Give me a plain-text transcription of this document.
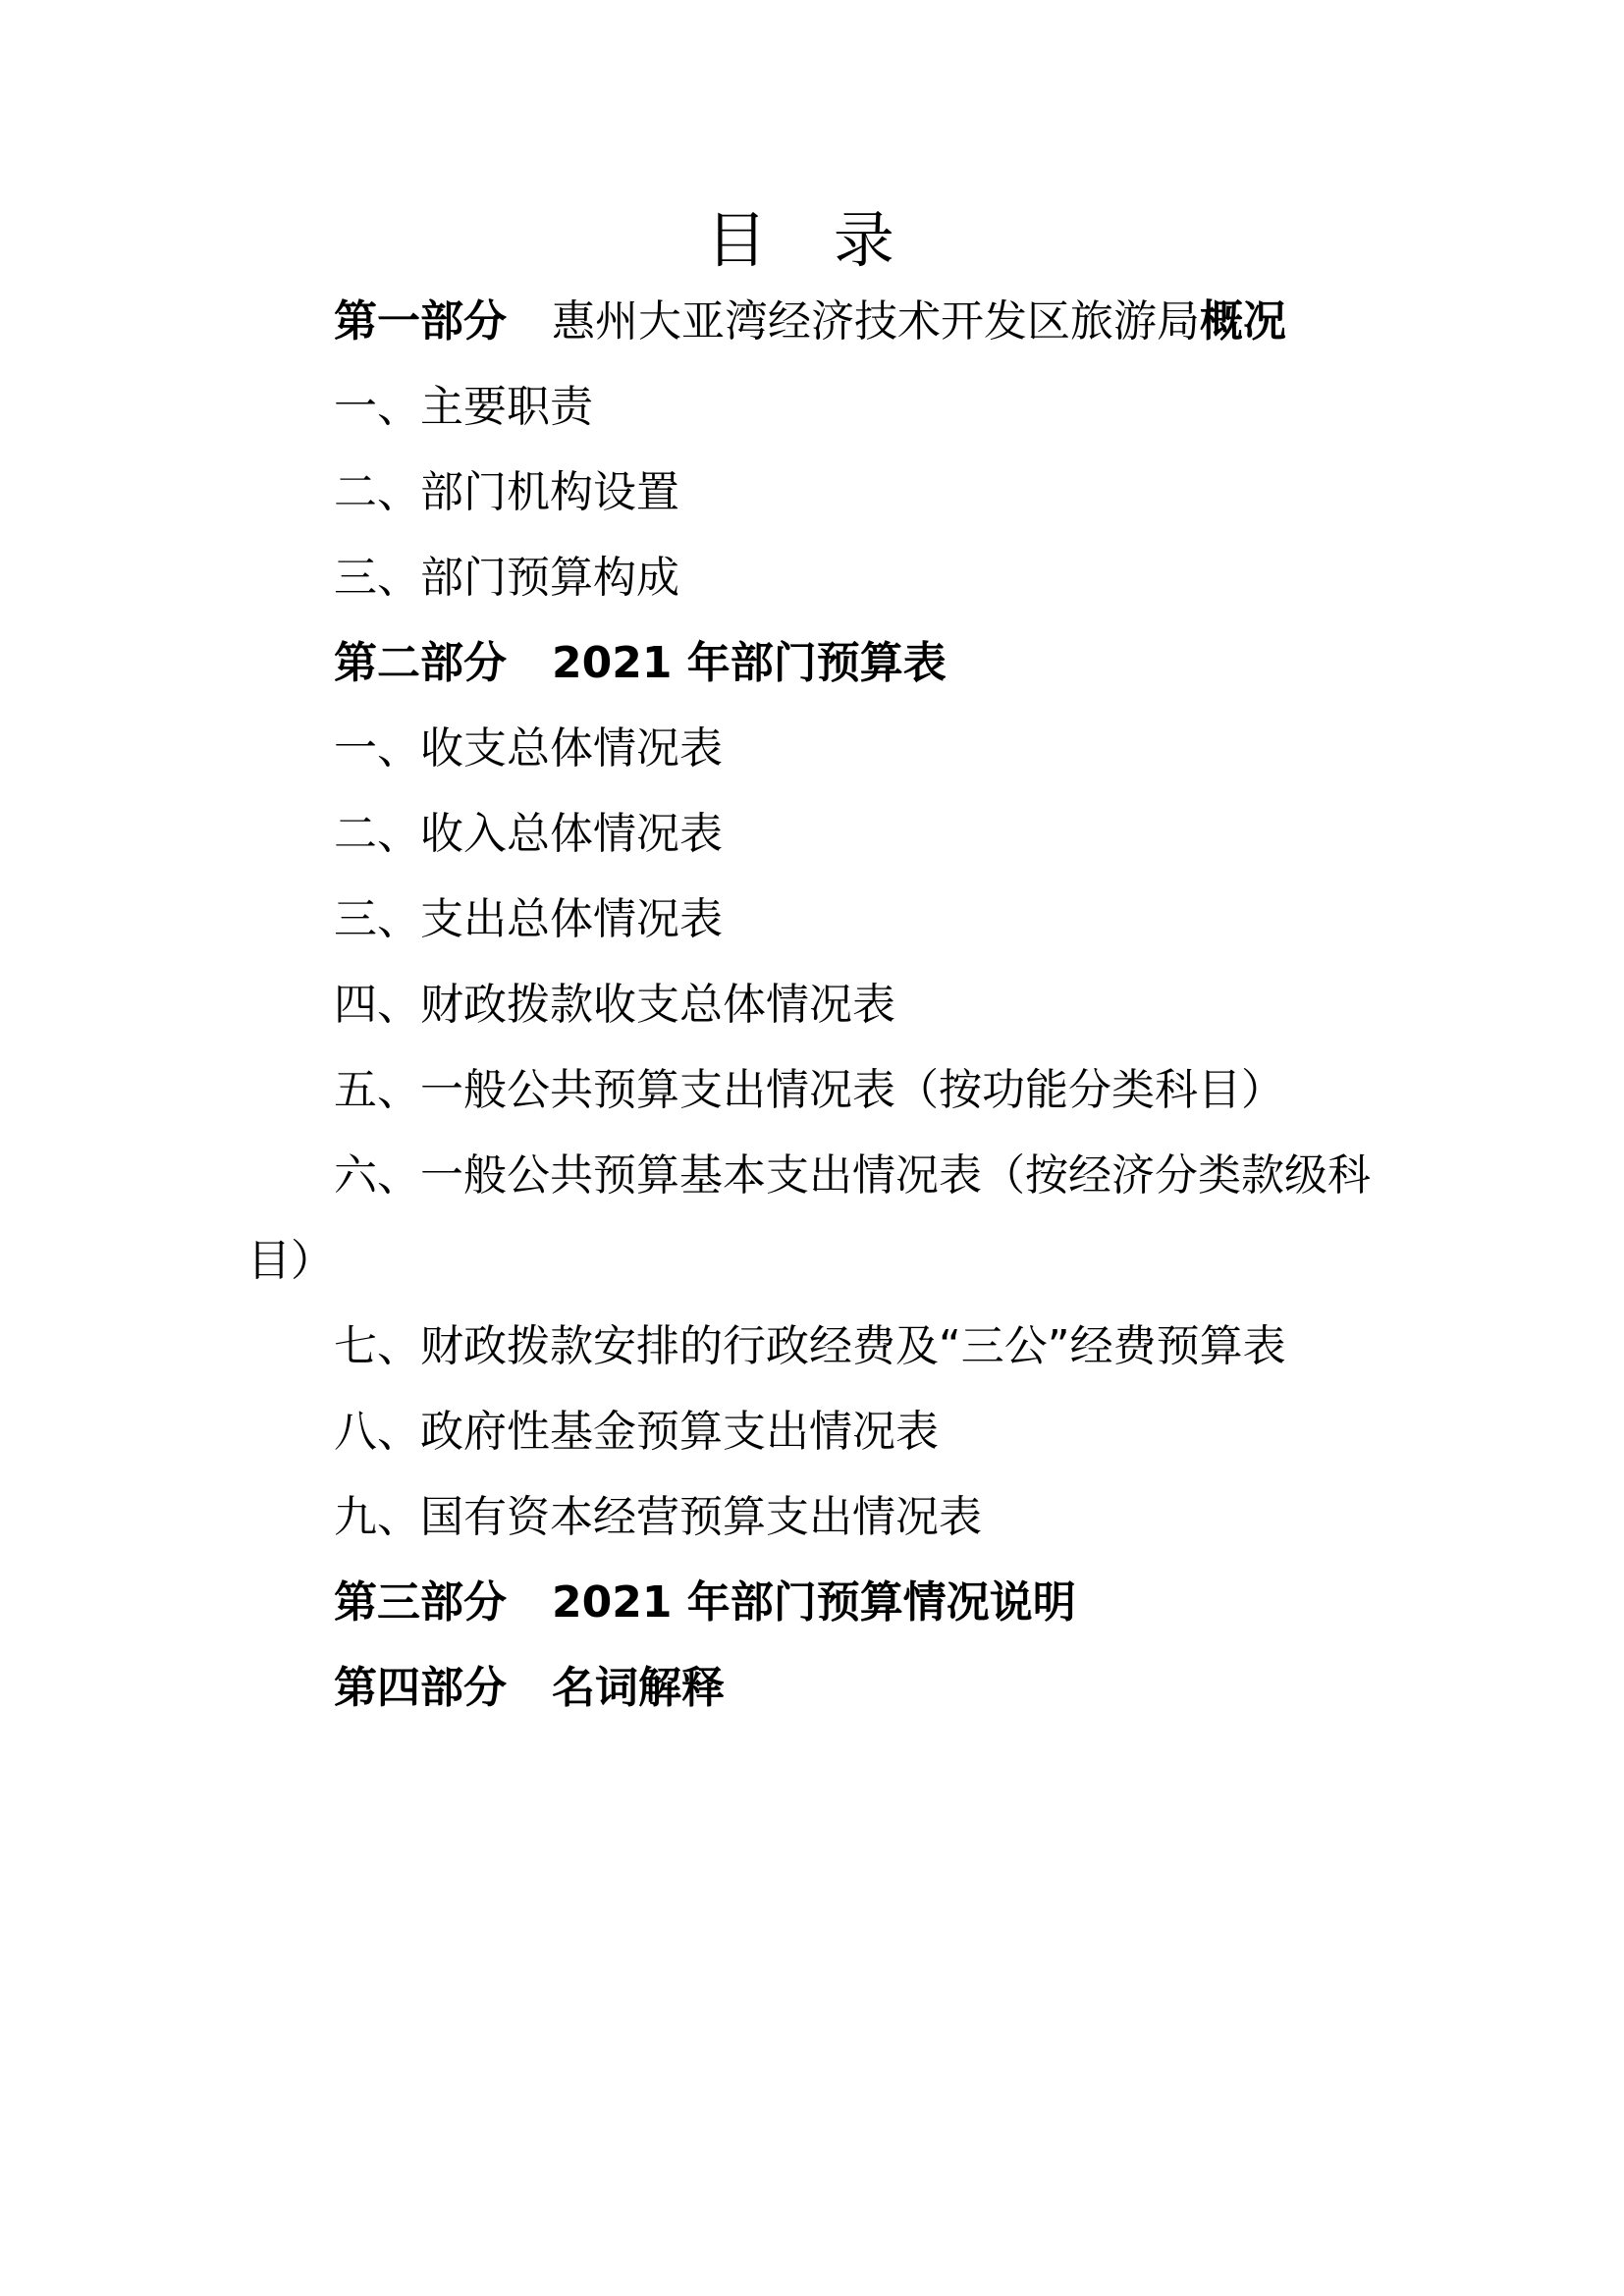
目 录
第一部分 惠州大亚湾经济技术开发区旅游局概况
一、主要职责
二、部门机构设置
三、部门预算构成
第二部分 2021 年部门预算表
一、收支总体情况表
二、收入总体情况表
三、支出总体情况表
四、财政拨款收支总体情况表
五、一般公共预算支出情况表（按功能分类科目）
六、一般公共预算基本支出情况表（按经济分类款级科
目）
七、财政拨款安排的行政经费及“三公”经费预算表
八、政府性基金预算支出情况表
九、国有资本经营预算支出情况表
第三部分 2021 年部门预算情况说明
第四部分 名词解释
